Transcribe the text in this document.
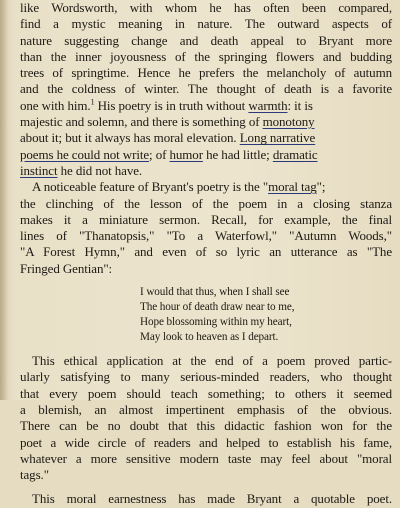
like Wordsworth, with whom he has often been compared,
find a mystic meaning in nature. The outward aspects of
nature suggesting change and death appeal to Bryant more
than the inner joyousness of the springing flowers and budding
trees of springtime. Hence he prefers the melancholy of autumn
and the coldness of winter. The thought of death is a favorite
one with him.$^1$ His poetry is in truth without warmth: it is
majestic and solemn, and there is something of monotony
about it; but it always has moral elevation. Long narrative
poems he could not write; of humor he had little; dramatic
instinct he did not have.
A noticeable feature of Bryant's poetry is the "moral tag";
the clinching of the lesson of the poem in a closing stanza
makes it a miniature sermon. Recall, for example, the final
lines of "Thanatopsis," "To a Waterfowl," "Autumn Woods,"
"A Forest Hymn," and even of so lyric an utterance as "The
Fringed Gentian":
I would that thus, when I shall see
The hour of death draw near to me,
Hope blossoming within my heart,
May look to heaven as I depart.
This ethical application at the end of a poem proved partic-
ularly satisfying to many serious-minded readers, who thought
that every poem should teach something; to others it seemed
a blemish, an almost impertinent emphasis of the obvious.
There can be no doubt that this didactic fashion won for the
poet a wide circle of readers and helped to establish his fame,
whatever a more sensitive modern taste may feel about "moral
tags."
This moral earnestness has made Bryant a quotable poet.
